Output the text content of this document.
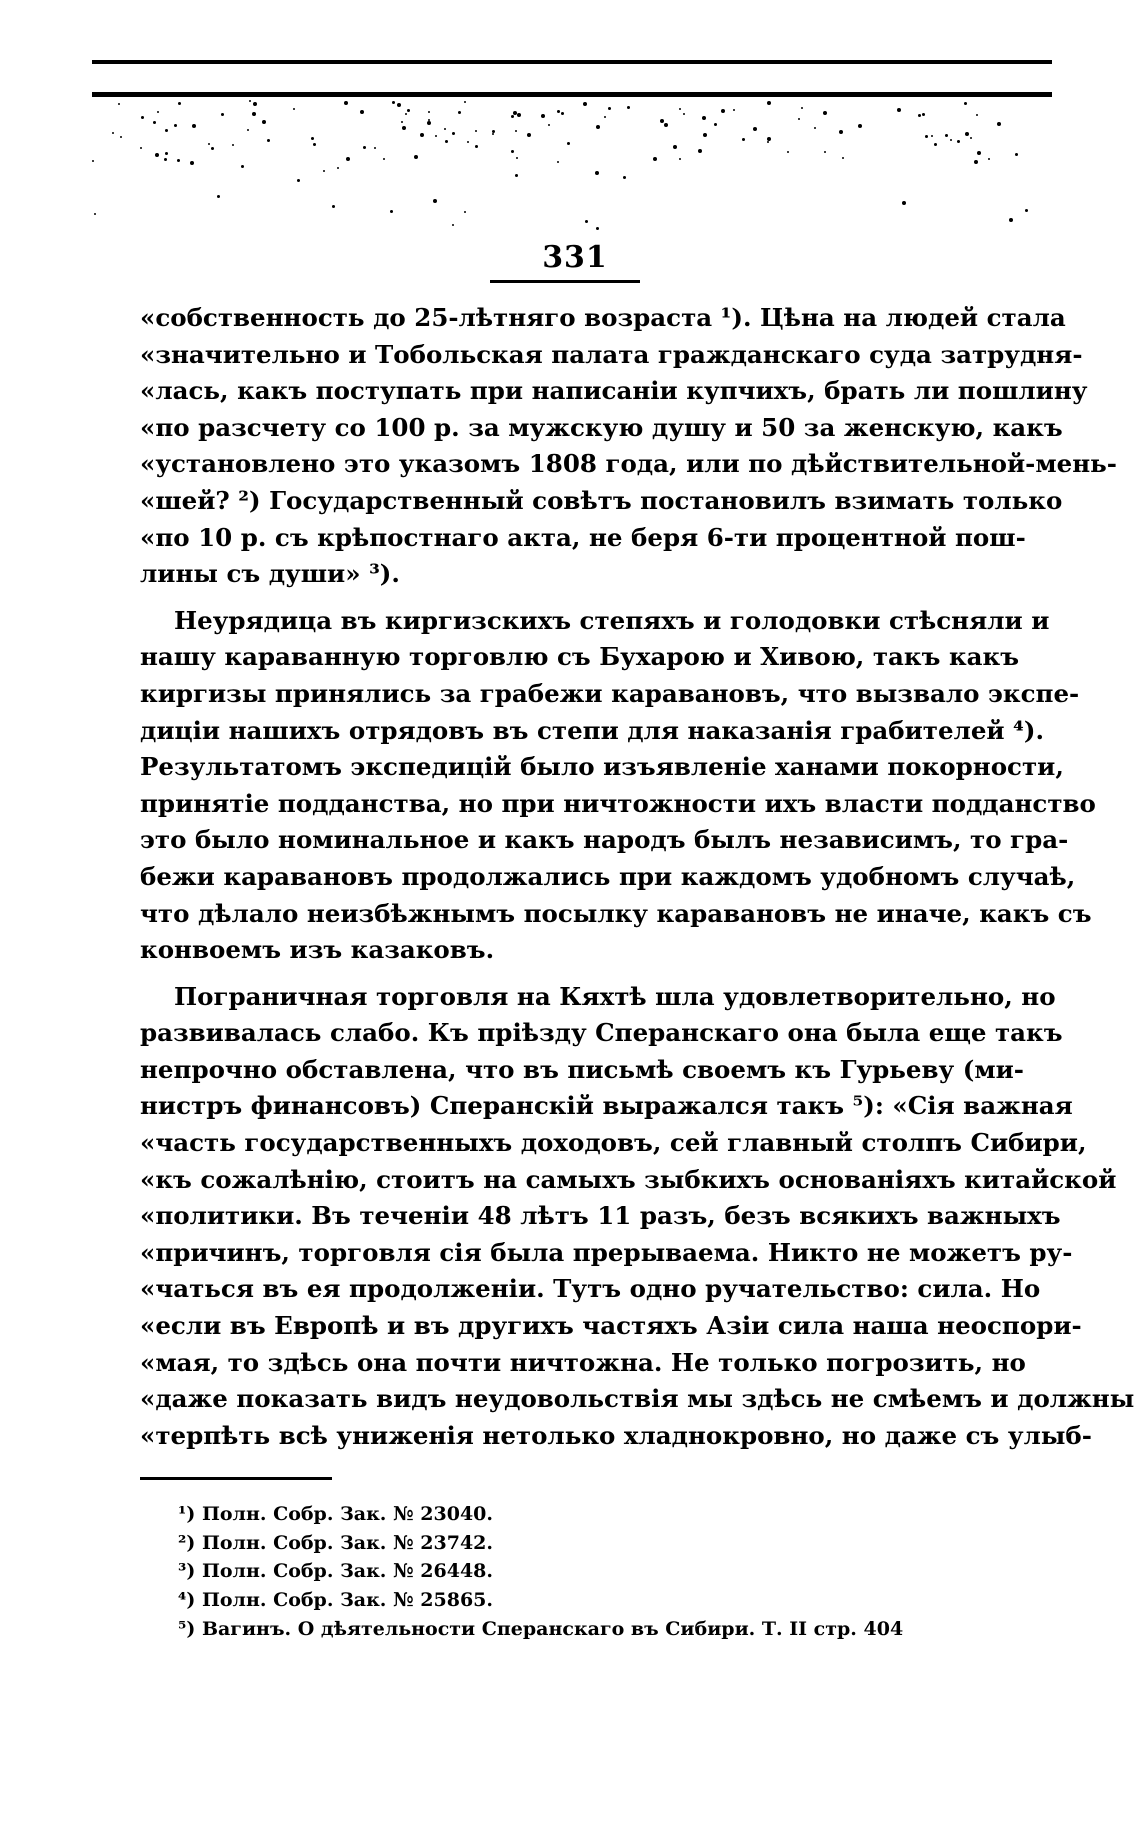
331
«собственность до 25-лѣтняго возраста ¹). Цѣна на людей стала
«значительно и Тобольская палата гражданскаго суда затрудня-
«лась, какъ поступать при написаніи купчихъ, брать ли пошлину
«по разсчету со 100 р. за мужскую душу и 50 за женскую, какъ
«установлено это указомъ 1808 года, или по дѣйствительной-мень-
«шей? ²) Государственный совѣтъ постановилъ взимать только
«по 10 р. съ крѣпостнаго акта, не беря 6-ти процентной пош-
лины съ души» ³).
Неурядица въ киргизскихъ степяхъ и голодовки стѣсняли и
нашу караванную торговлю съ Бухарою и Хивою, такъ какъ
киргизы принялись за грабежи каравановъ, что вызвало экспе-
диціи нашихъ отрядовъ въ степи для наказанія грабителей ⁴).
Результатомъ экспедицій было изъявленіе ханами покорности,
принятіе подданства, но при ничтожности ихъ власти подданство
это было номинальное и какъ народъ былъ независимъ, то гра-
бежи каравановъ продолжались при каждомъ удобномъ случаѣ,
что дѣлало неизбѣжнымъ посылку каравановъ не иначе, какъ съ
конвоемъ изъ казаковъ.
Пограничная торговля на Кяхтѣ шла удовлетворительно, но
развивалась слабо. Къ пріѣзду Сперанскаго она была еще такъ
непрочно обставлена, что въ письмѣ своемъ къ Гурьеву (ми-
нистръ финансовъ) Сперанскій выражался такъ ⁵): «Сія важная
«часть государственныхъ доходовъ, сей главный столпъ Сибири,
«къ сожалѣнію, стоитъ на самыхъ зыбкихъ основаніяхъ китайской
«политики. Въ теченіи 48 лѣтъ 11 разъ, безъ всякихъ важныхъ
«причинъ, торговля сія была прерываема. Никто не можетъ ру-
«чаться въ ея продолженіи. Тутъ одно ручательство: сила. Но
«если въ Европѣ и въ другихъ частяхъ Азіи сила наша неоспори-
«мая, то здѣсь она почти ничтожна. Не только погрозить, но
«даже показать видъ неудовольствія мы здѣсь не смѣемъ и должны
«терпѣть всѣ униженія нетолько хладнокровно, но даже съ улыб-
¹) Полн. Собр. Зак. № 23040.
²) Полн. Собр. Зак. № 23742.
³) Полн. Собр. Зак. № 26448.
⁴) Полн. Собр. Зак. № 25865.
⁵) Вагинъ. О дѣятельности Сперанскаго въ Сибири. Т. II стр. 404
